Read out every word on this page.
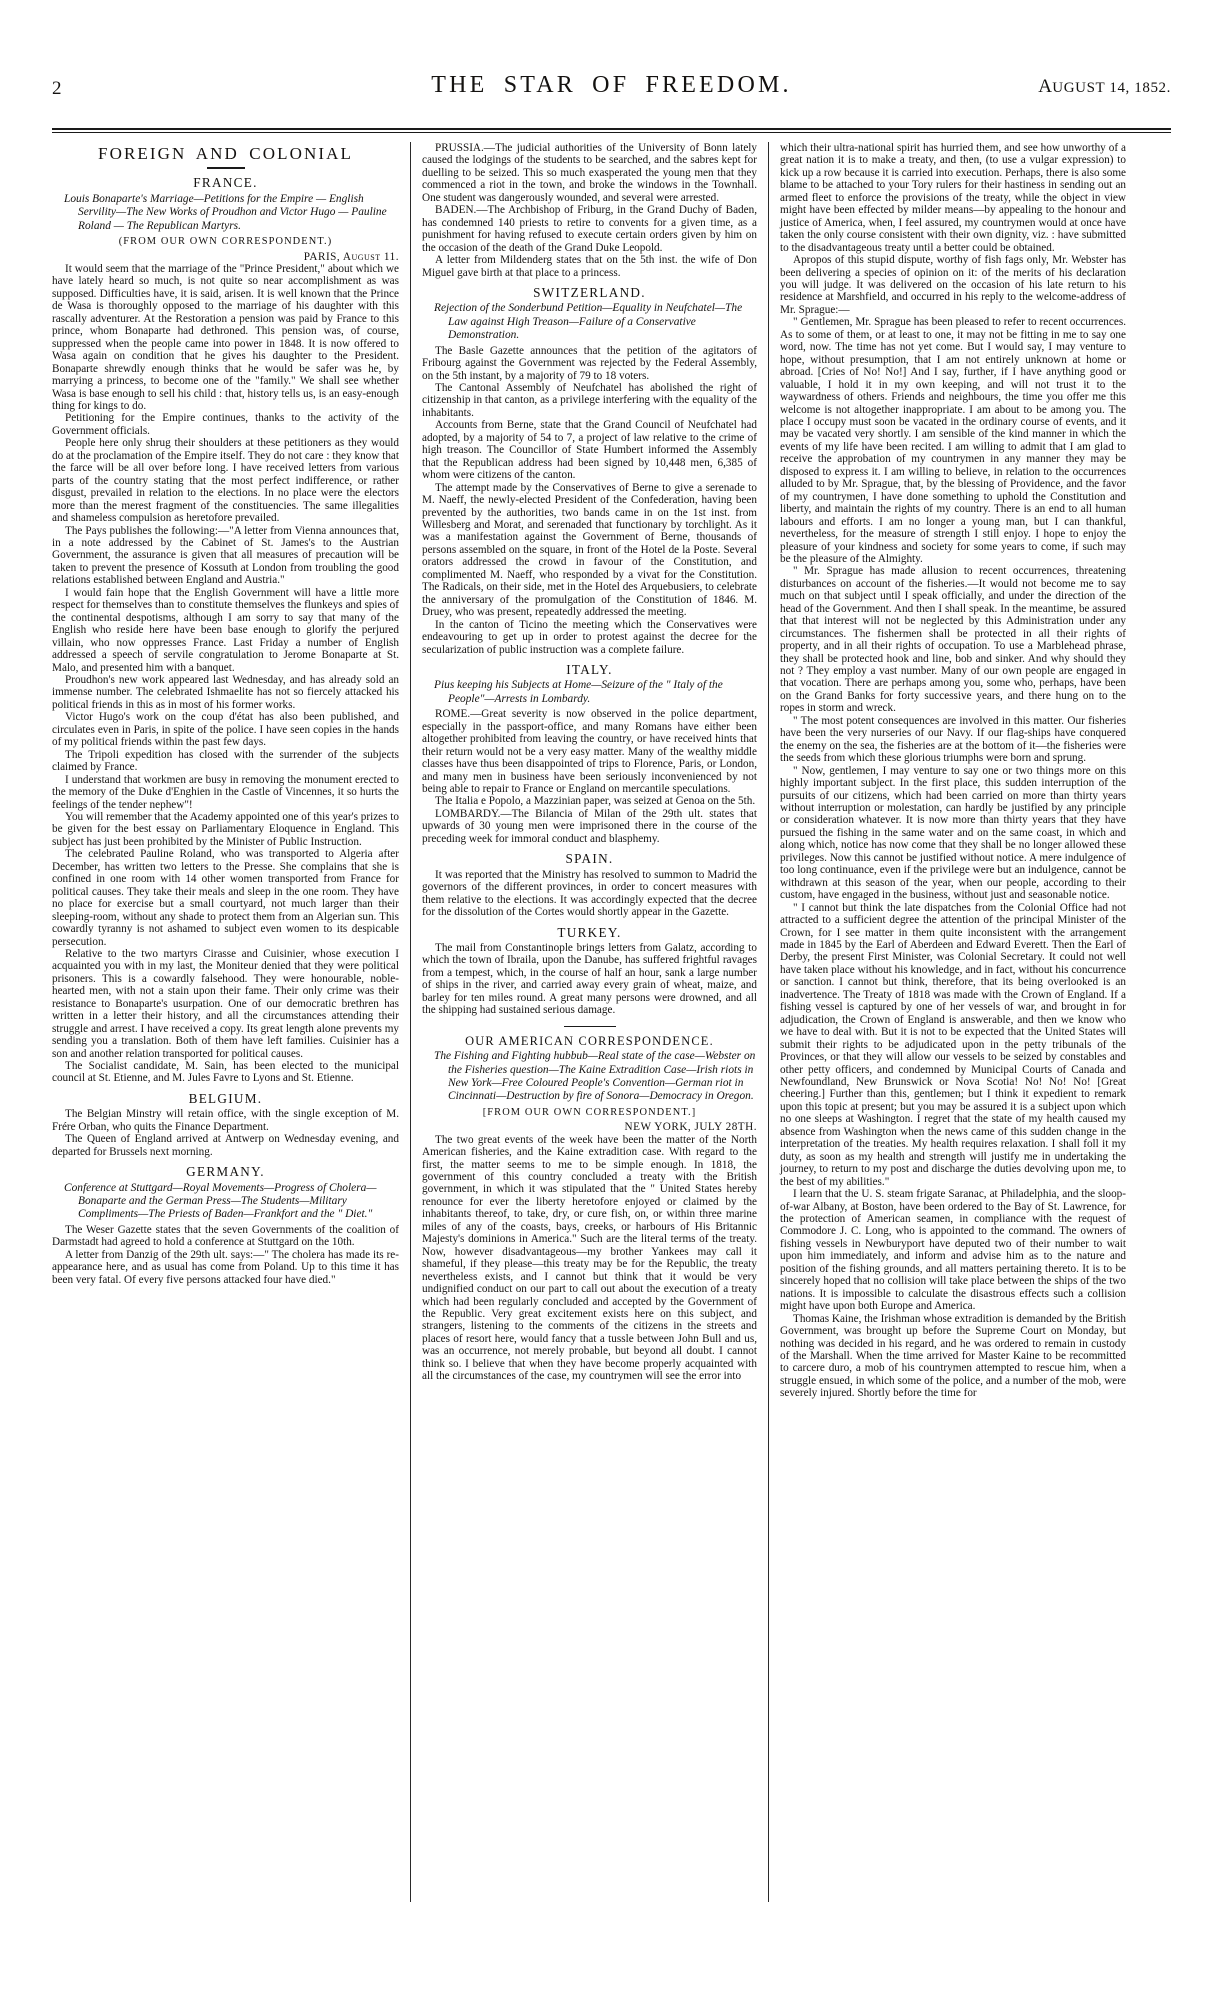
2	THE STAR OF FREEDOM.	AUGUST 14, 1852.
FOREIGN AND COLONIAL
FRANCE.
Louis Bonaparte's Marriage—Petitions for the Empire — English Servility—The New Works of Proudhon and Victor Hugo — Pauline Roland — The Republican Martyrs.
(FROM OUR OWN CORRESPONDENT.)
PARIS, August 11.

It would seem that the marriage of the "Prince President," about which we have lately heard so much, is not quite so near accomplishment as was supposed. Difficulties have, it is said, arisen. It is well known that the Prince de Wasa is thoroughly opposed to the marriage of his daughter with this rascally adventurer. At the Restoration a pension was paid by France to this prince, whom Bonaparte had dethroned. This pension was, of course, suppressed when the people came into power in 1848. It is now offered to Wasa again on condition that he gives his daughter to the President. Bonaparte shrewdly enough thinks that he would be safer was he, by marrying a princess, to become one of the "family." We shall see whether Wasa is base enough to sell his child : that, history tells us, is an easy-enough thing for kings to do.

Petitioning for the Empire continues, thanks to the activity of the Government officials.

People here only shrug their shoulders at these petitioners as they would do at the proclamation of the Empire itself. They do not care : they know that the farce will be all over before long. I have received letters from various parts of the country stating that the most perfect indifference, or rather disgust, prevailed in relation to the elections. In no place were the electors more than the merest fragment of the constituencies. The same illegalities and shameless compulsion as heretofore prevailed.

The Pays publishes the following:—"A letter from Vienna announces that, in a note addressed by the Cabinet of St. James's to the Austrian Government, the assurance is given that all measures of precaution will be taken to prevent the presence of Kossuth at London from troubling the good relations established between England and Austria."

I would fain hope that the English Government will have a little more respect for themselves than to constitute themselves the flunkeys and spies of the continental despotisms, although I am sorry to say that many of the English who reside here have been base enough to glorify the perjured villain, who now oppresses France. Last Friday a number of English addressed a speech of servile congratulation to Jerome Bonaparte at St. Malo, and presented him with a banquet.

Proudhon's new work appeared last Wednesday, and has already sold an immense number. The celebrated Ishmaelite has not so fiercely attacked his political friends in this as in most of his former works.

Victor Hugo's work on the coup d'état has also been published, and circulates even in Paris, in spite of the police. I have seen copies in the hands of my political friends within the past few days.

The Tripoli expedition has closed with the surrender of the subjects claimed by France.

I understand that workmen are busy in removing the monument erected to the memory of the Duke d'Enghien in the Castle of Vincennes, it so hurts the feelings of the tender nephew"!

You will remember that the Academy appointed one of this year's prizes to be given for the best essay on Parliamentary Eloquence in England. This subject has just been prohibited by the Minister of Public Instruction.

The celebrated Pauline Roland, who was transported to Algeria after December, has written two letters to the Presse. She complains that she is confined in one room with 14 other women transported from France for political causes. They take their meals and sleep in the one room. They have no place for exercise but a small courtyard, not much larger than their sleeping-room, without any shade to protect them from an Algerian sun. This cowardly tyranny is not ashamed to subject even women to its despicable persecution.

Relative to the two martyrs Cirasse and Cuisinier, whose execution I acquainted you with in my last, the Moniteur denied that they were political prisoners. This is a cowardly falsehood. They were honourable, noble-hearted men, with not a stain upon their fame. Their only crime was their resistance to Bonaparte's usurpation. One of our democratic brethren has written in a letter their history, and all the circumstances attending their struggle and arrest. I have received a copy. Its great length alone prevents my sending you a translation. Both of them have left families. Cuisinier has a son and another relation transported for political causes.

The Socialist candidate, M. Sain, has been elected to the municipal council at St. Etienne, and M. Jules Favre to Lyons and St. Etienne.

BELGIUM.

The Belgian Minstry will retain office, with the single exception of M. Frére Orban, who quits the Finance Department.

The Queen of England arrived at Antwerp on Wednesday evening, and departed for Brussels next morning.

GERMANY.
Conference at Stuttgard—Royal Movements—Progress of Cholera—Bonaparte and the German Press—The Students—Military Compliments—The Priests of Baden—Frankfort and the " Diet."

The Weser Gazette states that the seven Governments of the coalition of Darmstadt had agreed to hold a conference at Stuttgard on the 10th.

A letter from Danzig of the 29th ult. says:—" The cholera has made its re-appearance here, and as usual has come from Poland. Up to this time it has been very fatal. Of every five persons attacked four have died."

PRUSSIA.—The judicial authorities of the University of Bonn lately caused the lodgings of the students to be searched, and the sabres kept for duelling to be seized. This so much exasperated the young men that they commenced a riot in the town, and broke the windows in the Townhall. One student was dangerously wounded, and several were arrested.

BADEN.—The Archbishop of Friburg, in the Grand Duchy of Baden, has condemned 140 priests to retire to convents for a given time, as a punishment for having refused to execute certain orders given by him on the occasion of the death of the Grand Duke Leopold.

A letter from Mildenderg states that on the 5th inst. the wife of Don Miguel gave birth at that place to a princess.

SWITZERLAND.
Rejection of the Sonderbund Petition—Equality in Neufchatel—The Law against High Treason—Failure of a Conservative Demonstration.

The Basle Gazette announces that the petition of the agitators of Fribourg against the Government was rejected by the Federal Assembly, on the 5th instant, by a majority of 79 to 18 voters.

The Cantonal Assembly of Neufchatel has abolished the right of citizenship in that canton, as a privilege interfering with the equality of the inhabitants.

Accounts from Berne, state that the Grand Council of Neufchatel had adopted, by a majority of 54 to 7, a project of law relative to the crime of high treason. The Councillor of State Humbert informed the Assembly that the Republican address had been signed by 10,448 men, 6,385 of whom were citizens of the canton.

The attempt made by the Conservatives of Berne to give a serenade to M. Naeff, the newly-elected President of the Confederation, having been prevented by the authorities, two bands came in on the 1st inst. from Willesberg and Morat, and serenaded that functionary by torchlight. As it was a manifestation against the Government of Berne, thousands of persons assembled on the square, in front of the Hotel de la Poste. Several orators addressed the crowd in favour of the Constitution, and complimented M. Naeff, who responded by a vivat for the Constitution. The Radicals, on their side, met in the Hotel des Arquebusiers, to celebrate the anniversary of the promulgation of the Constitution of 1846. M. Druey, who was present, repeatedly addressed the meeting.

In the canton of Ticino the meeting which the Conservatives were endeavouring to get up in order to protest against the decree for the secularization of public instruction was a complete failure.

ITALY.
Pius keeping his Subjects at Home—Seizure of the " Italy of the People"—Arrests in Lombardy.

ROME.—Great severity is now observed in the police department, especially in the passport-office, and many Romans have either been altogether prohibited from leaving the country, or have received hints that their return would not be a very easy matter. Many of the wealthy middle classes have thus been disappointed of trips to Florence, Paris, or London, and many men in business have been seriously inconvenienced by not being able to repair to France or England on mercantile speculations.

The Italia e Popolo, a Mazzinian paper, was seized at Genoa on the 5th.

LOMBARDY.—The Bilancia of Milan of the 29th ult. states that upwards of 30 young men were imprisoned there in the course of the preceding week for immoral conduct and blasphemy.

SPAIN.

It was reported that the Ministry has resolved to summon to Madrid the governors of the different provinces, in order to concert measures with them relative to the elections. It was accordingly expected that the decree for the dissolution of the Cortes would shortly appear in the Gazette.

TURKEY.

The mail from Constantinople brings letters from Galatz, according to which the town of Ibraila, upon the Danube, has suffered frightful ravages from a tempest, which, in the course of half an hour, sank a large number of ships in the river, and carried away every grain of wheat, maize, and barley for ten miles round. A great many persons were drowned, and all the shipping had sustained serious damage.

OUR AMERICAN CORRESPONDENCE.
The Fishing and Fighting hubbub—Real state of the case—Webster on the Fisheries question—The Kaine Extradition Case—Irish riots in New York—Free Coloured People's Convention—German riot in Cincinnati—Destruction by fire of Sonora—Democracy in Oregon.
[FROM OUR OWN CORRESPONDENT.]
NEW YORK, JULY 28TH.

The two great events of the week have been the matter of the North American fisheries, and the Kaine extradition case. With regard to the first, the matter seems to me to be simple enough. In 1818, the government of this country concluded a treaty with the British government, in which it was stipulated that the " United States hereby renounce for ever the liberty heretofore enjoyed or claimed by the inhabitants thereof, to take, dry, or cure fish, on, or within three marine miles of any of the coasts, bays, creeks, or harbours of His Britannic Majesty's dominions in America." Such are the literal terms of the treaty. Now, however disadvantageous—my brother Yankees may call it shameful, if they please—this treaty may be for the Republic, the treaty nevertheless exists, and I cannot but think that it would be very undignified conduct on our part to call out about the execution of a treaty which had been regularly concluded and accepted by the Government of the Republic. Very great excitement exists here on this subject, and strangers, listening to the comments of the citizens in the streets and places of resort here, would fancy that a tussle between John Bull and us, was an occurrence, not merely probable, but beyond all doubt. I cannot think so. I believe that when they have become properly acquainted with all the circumstances of the case, my countrymen will see the error into

which their ultra-national spirit has hurried them, and see how unworthy of a great nation it is to make a treaty, and then, (to use a vulgar expression) to kick up a row because it is carried into execution. Perhaps, there is also some blame to be attached to your Tory rulers for their hastiness in sending out an armed fleet to enforce the provisions of the treaty, while the object in view might have been effected by milder means—by appealing to the honour and justice of America, when, I feel assured, my countrymen would at once have taken the only course consistent with their own dignity, viz. : have submitted to the disadvantageous treaty until a better could be obtained.

Apropos of this stupid dispute, worthy of fish fags only, Mr. Webster has been delivering a species of opinion on it: of the merits of his declaration you will judge. It was delivered on the occasion of his late return to his residence at Marshfield, and occurred in his reply to the welcome-address of Mr. Sprague:—

" Gentlemen, Mr. Sprague has been pleased to refer to recent occurrences. As to some of them, or at least to one, it may not be fitting in me to say one word, now. The time has not yet come. But I would say, I may venture to hope, without presumption, that I am not entirely unknown at home or abroad. [Cries of No! No!] And I say, further, if I have anything good or valuable, I hold it in my own keeping, and will not trust it to the waywardness of others. Friends and neighbours, the time you offer me this welcome is not altogether inappropriate. I am about to be among you. The place I occupy must soon be vacated in the ordinary course of events, and it may be vacated very shortly. I am sensible of the kind manner in which the events of my life have been recited. I am willing to admit that I am glad to receive the approbation of my countrymen in any manner they may be disposed to express it. I am willing to believe, in relation to the occurrences alluded to by Mr. Sprague, that, by the blessing of Providence, and the favor of my countrymen, I have done something to uphold the Constitution and liberty, and maintain the rights of my country. There is an end to all human labours and efforts. I am no longer a young man, but I can thankful, nevertheless, for the measure of strength I still enjoy. I hope to enjoy the pleasure of your kindness and society for some years to come, if such may be the pleasure of the Almighty.

" Mr. Sprague has made allusion to recent occurrences, threatening disturbances on account of the fisheries.—It would not become me to say much on that subject until I speak officially, and under the direction of the head of the Government. And then I shall speak. In the meantime, be assured that that interest will not be neglected by this Administration under any circumstances. The fishermen shall be protected in all their rights of property, and in all their rights of occupation. To use a Marblehead phrase, they shall be protected hook and line, bob and sinker. And why should they not ? They employ a vast number. Many of our own people are engaged in that vocation. There are perhaps among you, some who, perhaps, have been on the Grand Banks for forty successive years, and there hung on to the ropes in storm and wreck.

" The most potent consequences are involved in this matter. Our fisheries have been the very nurseries of our Navy. If our flag-ships have conquered the enemy on the sea, the fisheries are at the bottom of it—the fisheries were the seeds from which these glorious triumphs were born and sprung.

" Now, gentlemen, I may venture to say one or two things more on this highly important subject. In the first place, this sudden interruption of the pursuits of our citizens, which had been carried on more than thirty years without interruption or molestation, can hardly be justified by any principle or consideration whatever. It is now more than thirty years that they have pursued the fishing in the same water and on the same coast, in which and along which, notice has now come that they shall be no longer allowed these privileges. Now this cannot be justified without notice. A mere indulgence of too long continuance, even if the privilege were but an indulgence, cannot be withdrawn at this season of the year, when our people, according to their custom, have engaged in the business, without just and seasonable notice.

" I cannot but think the late dispatches from the Colonial Office had not attracted to a sufficient degree the attention of the principal Minister of the Crown, for I see matter in them quite inconsistent with the arrangement made in 1845 by the Earl of Aberdeen and Edward Everett. Then the Earl of Derby, the present First Minister, was Colonial Secretary. It could not well have taken place without his knowledge, and in fact, without his concurrence or sanction. I cannot but think, therefore, that its being overlooked is an inadvertence. The Treaty of 1818 was made with the Crown of England. If a fishing vessel is captured by one of her vessels of war, and brought in for adjudication, the Crown of England is answerable, and then we know who we have to deal with. But it is not to be expected that the United States will submit their rights to be adjudicated upon in the petty tribunals of the Provinces, or that they will allow our vessels to be seized by constables and other petty officers, and condemned by Municipal Courts of Canada and Newfoundland, New Brunswick or Nova Scotia! No! No! No! [Great cheering.] Further than this, gentlemen; but I think it expedient to remark upon this topic at present; but you may be assured it is a subject upon which no one sleeps at Washington. I regret that the state of my health caused my absence from Washington when the news came of this sudden change in the interpretation of the treaties. My health requires relaxation. I shall foll it my duty, as soon as my health and strength will justify me in undertaking the journey, to return to my post and discharge the duties devolving upon me, to the best of my abilities."

I learn that the U. S. steam frigate Saranac, at Philadelphia, and the sloop-of-war Albany, at Boston, have been ordered to the Bay of St. Lawrence, for the protection of American seamen, in compliance with the request of Commodore J. C. Long, who is appointed to the command. The owners of fishing vessels in Newburyport have deputed two of their number to wait upon him immediately, and inform and advise him as to the nature and position of the fishing grounds, and all matters pertaining thereto. It is to be sincerely hoped that no collision will take place between the ships of the two nations. It is impossible to calculate the disastrous effects such a collision might have upon both Europe and America.

Thomas Kaine, the Irishman whose extradition is demanded by the British Government, was brought up before the Supreme Court on Monday, but nothing was decided in his regard, and he was ordered to remain in custody of the Marshall. When the time arrived for Master Kaine to be recommitted to carcere duro, a mob of his countrymen attempted to rescue him, when a struggle ensued, in which some of the police, and a number of the mob, were severely injured. Shortly before the time for
